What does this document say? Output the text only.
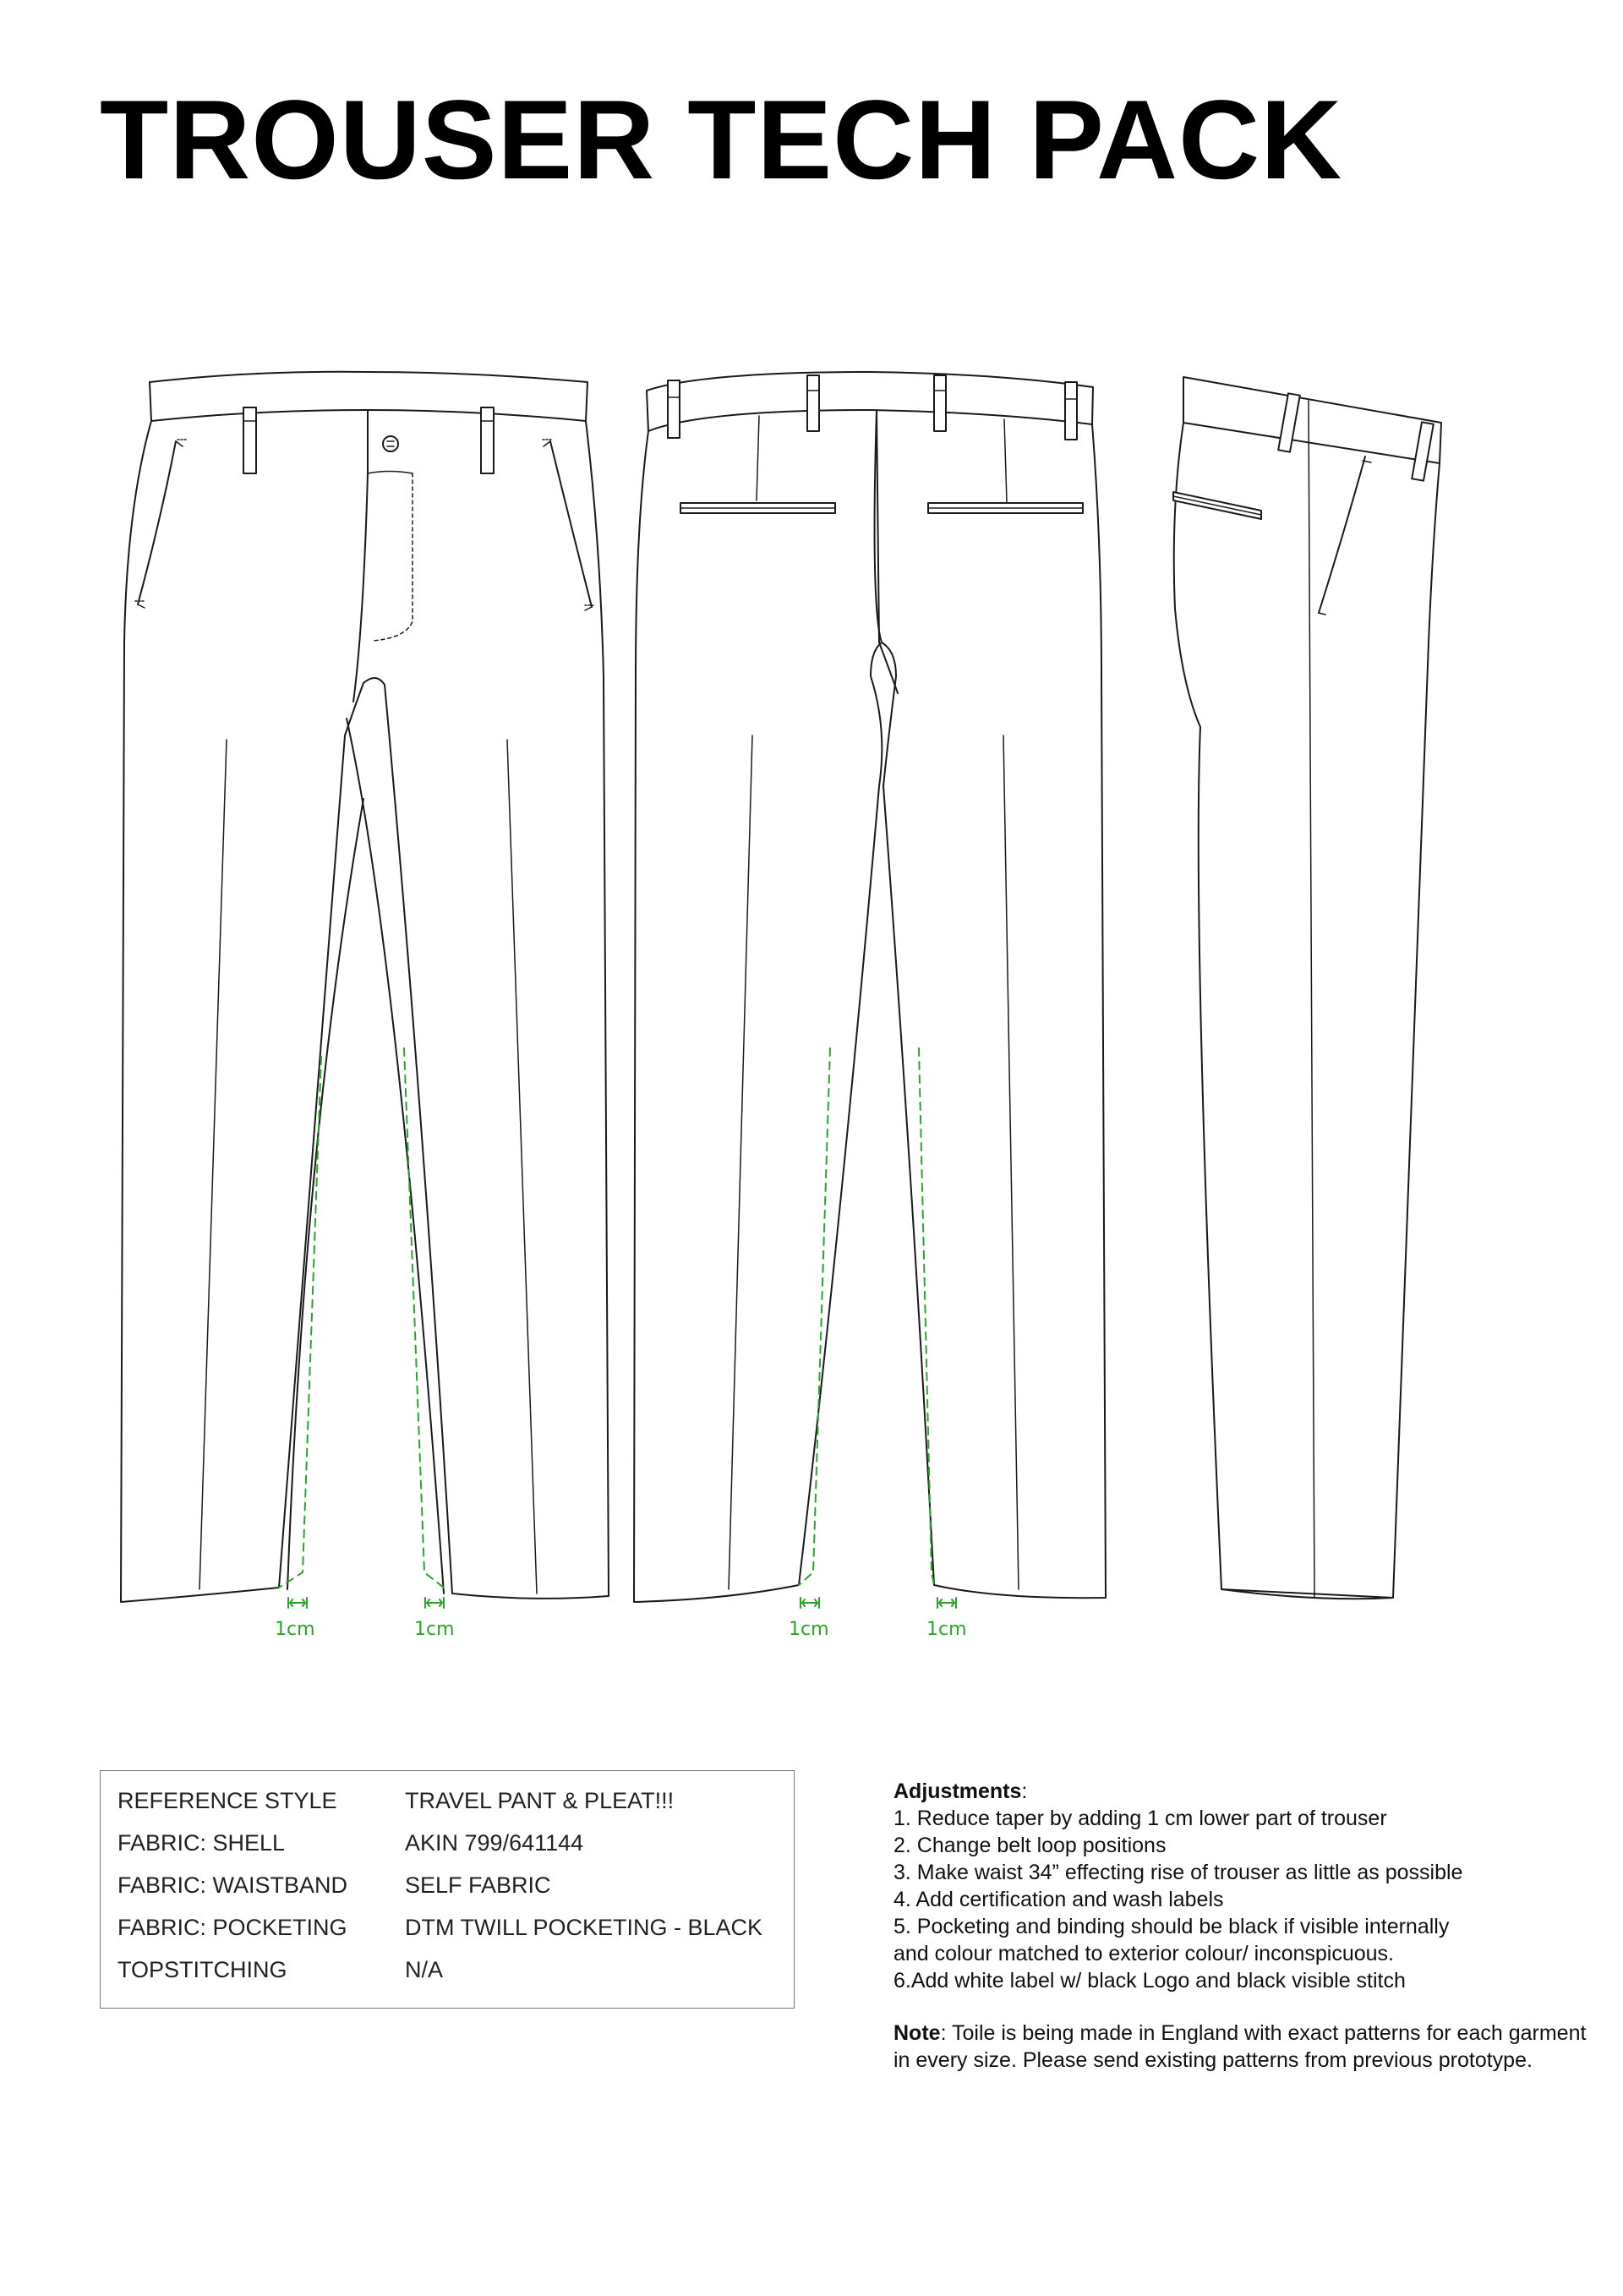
TROUSER TECH PACK
1cm	1cm	1cm	1cm
REFERENCE STYLE	TRAVEL PANT & PLEAT!!!
FABRIC: SHELL	AKIN 799/641144
FABRIC: WAISTBAND	SELF FABRIC
FABRIC: POCKETING	DTM TWILL POCKETING - BLACK
TOPSTITCHING	N/A
Adjustments:
1. Reduce taper by adding 1 cm lower part of trouser
2. Change belt loop positions
3. Make waist 34” effecting rise of trouser as little as possible
4. Add certification and wash labels
5. Pocketing and binding should be black if visible internally
and colour matched to exterior colour/ inconspicuous.
6.Add white label w/ black Logo and black visible stitch
Note: Toile is being made in England with exact patterns for each garment in every size. Please send existing patterns from previous prototype.
